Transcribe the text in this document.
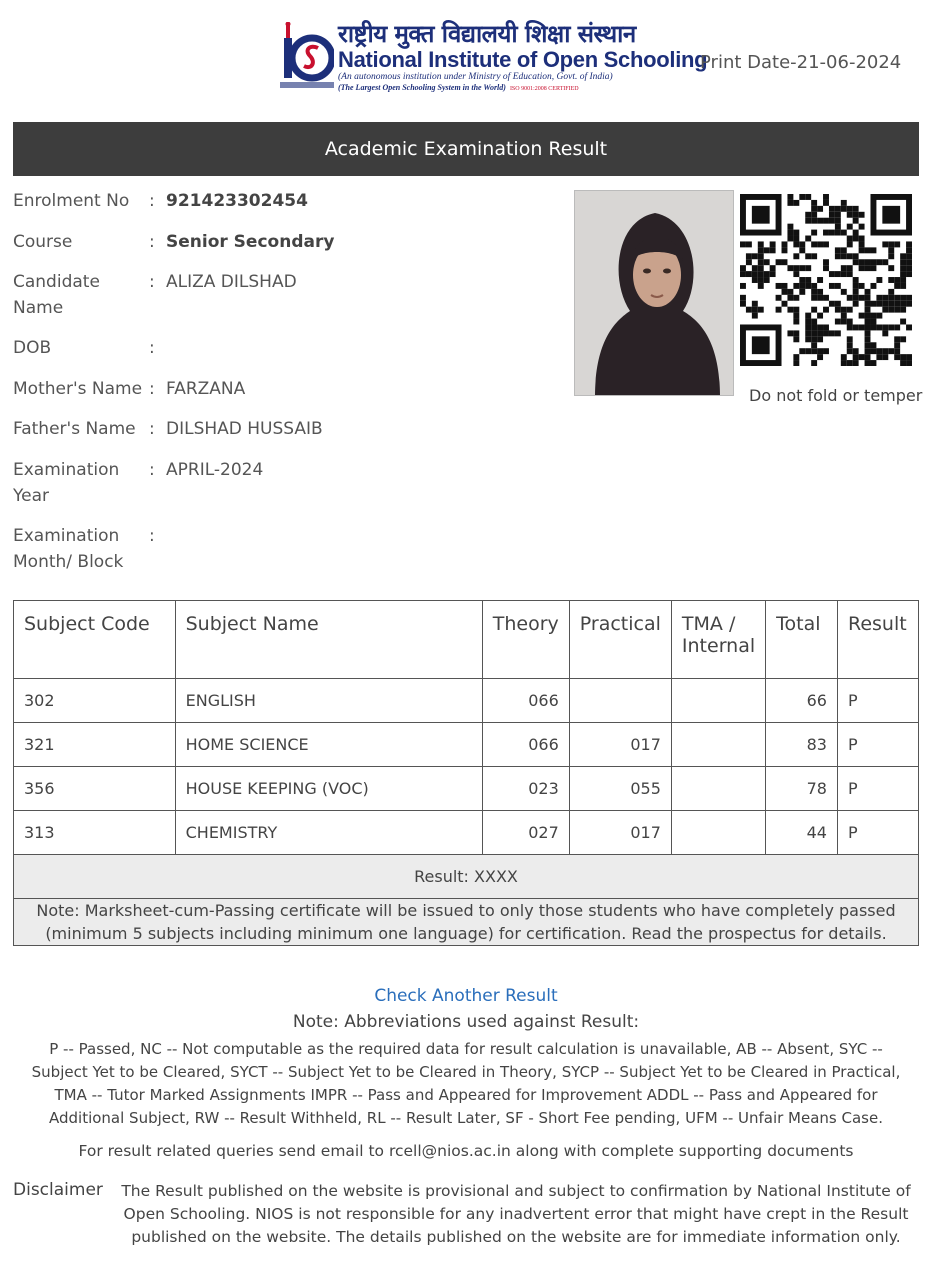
राष्ट्रीय मुक्त विद्यालयी शिक्षा संस्थान
National Institute of Open Schooling
(An autonomous institution under Ministry of Education, Govt. of India)
(The Largest Open Schooling System in the World) ISO 9001:2008 CERTIFIED
Print Date-21-06-2024
Academic Examination Result
Enrolment No	: 921423302454
Course	: Senior Secondary
Candidate Name
: ALIZA DILSHAD
DOB	:
Mother's Name : FARZANA
Father's Name : DILSHAD HUSSAIB
Examination Year
: APRIL-2024
Examination Month/ Block
:
Do not fold or temper
Subject Code	Subject Name	Theory	Practical	TMA / Internal	Total	Result
302	ENGLISH	066			66	P
321	HOME SCIENCE	066	017		83	P
356	HOUSE KEEPING (VOC)	023	055		78	P
313	CHEMISTRY	027	017		44	P
Result: XXXX						
Note: Marksheet-cum-Passing certificate will be issued to only those students who have completely passed (minimum 5 subjects including minimum one language) for certification. Read the prospectus for details.						
Check Another Result
Note: Abbreviations used against Result:
P -- Passed, NC -- Not computable as the required data for result calculation is unavailable, AB -- Absent, SYC -- Subject Yet to be Cleared, SYCT -- Subject Yet to be Cleared in Theory, SYCP -- Subject Yet to be Cleared in Practical, TMA -- Tutor Marked Assignments IMPR -- Pass and Appeared for Improvement ADDL -- Pass and Appeared for Additional Subject, RW -- Result Withheld, RL -- Result Later, SF - Short Fee pending, UFM -- Unfair Means Case.
For result related queries send email to rcell@nios.ac.in along with complete supporting documents
Disclaimer The Result published on the website is provisional and subject to confirmation by National Institute of Open Schooling. NIOS is not responsible for any inadvertent error that might have crept in the Result published on the website. The details published on the website are for immediate information only.
